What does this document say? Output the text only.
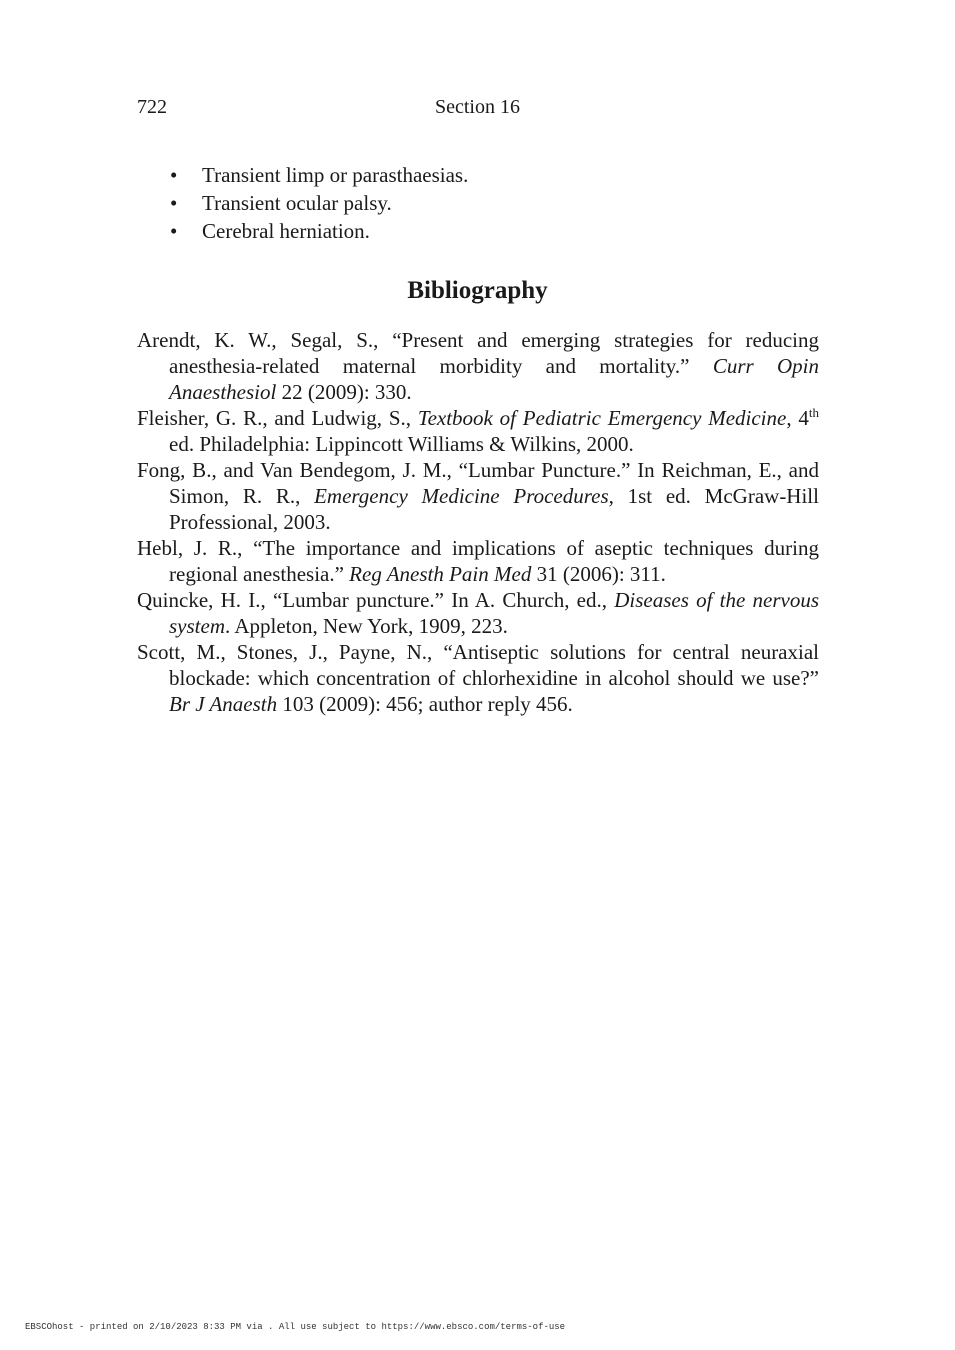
722	Section 16
• Transient limp or parasthaesias.
• Transient ocular palsy.
• Cerebral herniation.
Bibliography
Arendt, K. W., Segal, S., “Present and emerging strategies for reducing anesthesia-related maternal morbidity and mortality.” Curr Opin Anaesthesiol 22 (2009): 330.
Fleisher, G. R., and Ludwig, S., Textbook of Pediatric Emergency Medicine, 4th ed. Philadelphia: Lippincott Williams & Wilkins, 2000.
Fong, B., and Van Bendegom, J. M., “Lumbar Puncture.” In Reichman, E., and Simon, R. R., Emergency Medicine Procedures, 1st ed. McGraw-Hill Professional, 2003.
Hebl, J. R., “The importance and implications of aseptic techniques during regional anesthesia.” Reg Anesth Pain Med 31 (2006): 311.
Quincke, H. I., “Lumbar puncture.” In A. Church, ed., Diseases of the nervous system. Appleton, New York, 1909, 223.
Scott, M., Stones, J., Payne, N., “Antiseptic solutions for central neuraxial blockade: which concentration of chlorhexidine in alcohol should we use?” Br J Anaesth 103 (2009): 456; author reply 456.
EBSCOhost - printed on 2/10/2023 8:33 PM via . All use subject to https://www.ebsco.com/terms-of-use
